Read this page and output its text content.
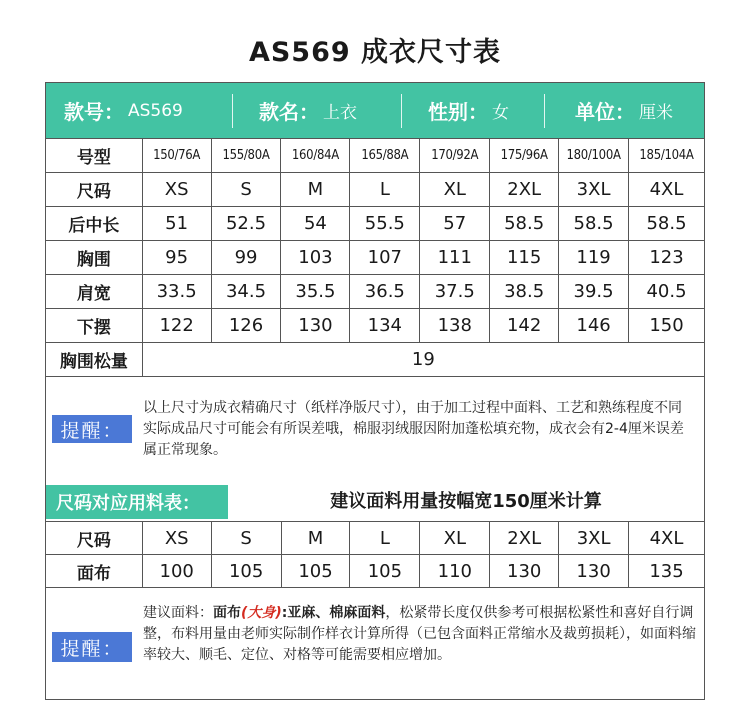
AS569 成衣尺寸表
款号： AS569	款名： 上衣	性别： 女	单位： 厘米
号型	150/76A	155/80A	160/84A	165/88A	170/92A	175/96A	180/100A	185/104A
尺码	XS	S	M	L	XL	2XL	3XL	4XL
后中长	51	52.5	54	55.5	57	58.5	58.5	58.5
胸围	95	99	103	107	111	115	119	123
肩宽	33.5	34.5	35.5	36.5	37.5	38.5	39.5	40.5
下摆	122	126	130	134	138	142	146	150
胸围松量	19							
提醒：
以上尺寸为成衣精确尺寸（纸样净版尺寸），由于加工过程中面料、工艺和熟练程度不同实际成品尺寸可能会有所误差哦，棉服羽绒服因附加蓬松填充物，成衣会有2-4厘米误差属正常现象。
尺码对应用料表：	建议面料用量按幅宽150厘米计算
尺码	XS	S	M	L	XL	2XL	3XL	4XL
面布	100	105	105	105	110	130	130	135
提醒：
建议面料：面布(大身):亚麻、棉麻面料，松紧带长度仅供参考可根据松紧性和喜好自行调整，布料用量由老师实际制作样衣计算所得（已包含面料正常缩水及裁剪损耗），如面料缩率较大、顺毛、定位、对格等可能需要相应增加。
